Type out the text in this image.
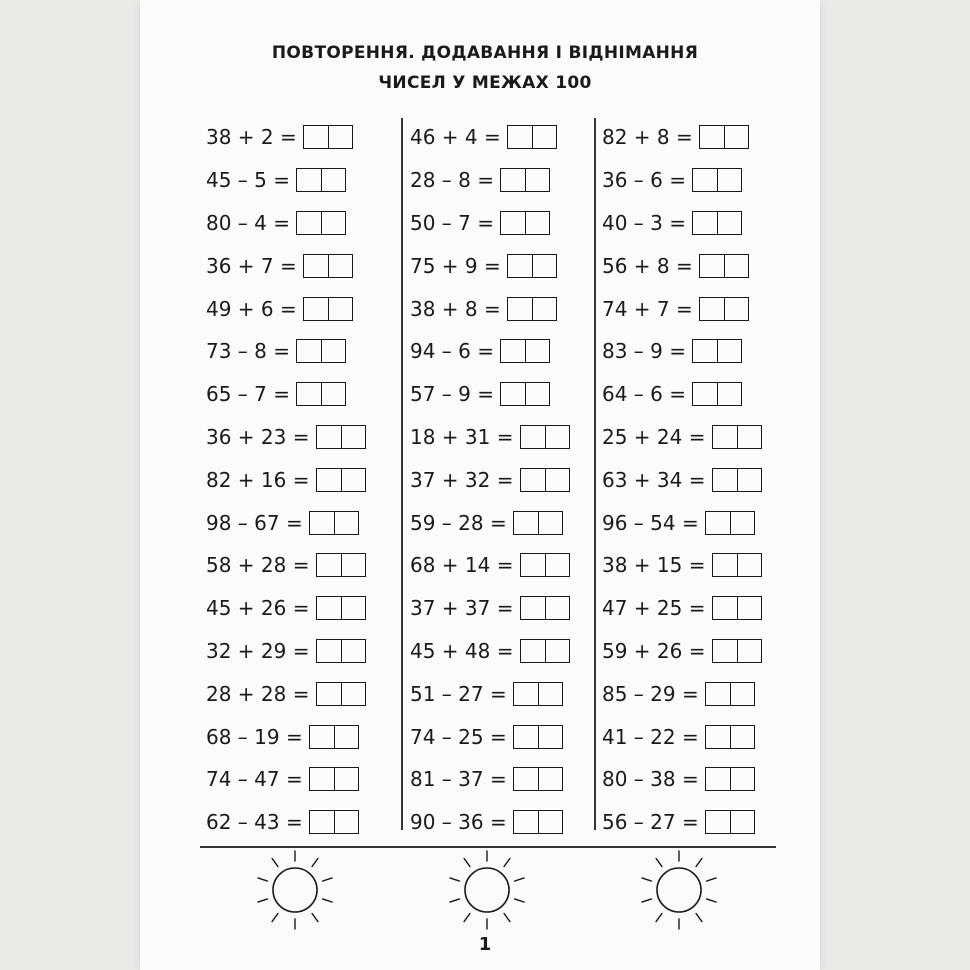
ПОВТОРЕННЯ. ДОДАВАННЯ І ВІДНІМАННЯ
ЧИСЕЛ У МЕЖАХ 100
38 + 2 =
45 – 5 =
80 – 4 =
36 + 7 =
49 + 6 =
73 – 8 =
65 – 7 =
36 + 23 =
82 + 16 =
98 – 67 =
58 + 28 =
45 + 26 =
32 + 29 =
28 + 28 =
68 – 19 =
74 – 47 =
62 – 43 =
46 + 4 =
28 – 8 =
50 – 7 =
75 + 9 =
38 + 8 =
94 – 6 =
57 – 9 =
18 + 31 =
37 + 32 =
59 – 28 =
68 + 14 =
37 + 37 =
45 + 48 =
51 – 27 =
74 – 25 =
81 – 37 =
90 – 36 =
82 + 8 =
36 – 6 =
40 – 3 =
56 + 8 =
74 + 7 =
83 – 9 =
64 – 6 =
25 + 24 =
63 + 34 =
96 – 54 =
38 + 15 =
47 + 25 =
59 + 26 =
85 – 29 =
41 – 22 =
80 – 38 =
56 – 27 =
1
